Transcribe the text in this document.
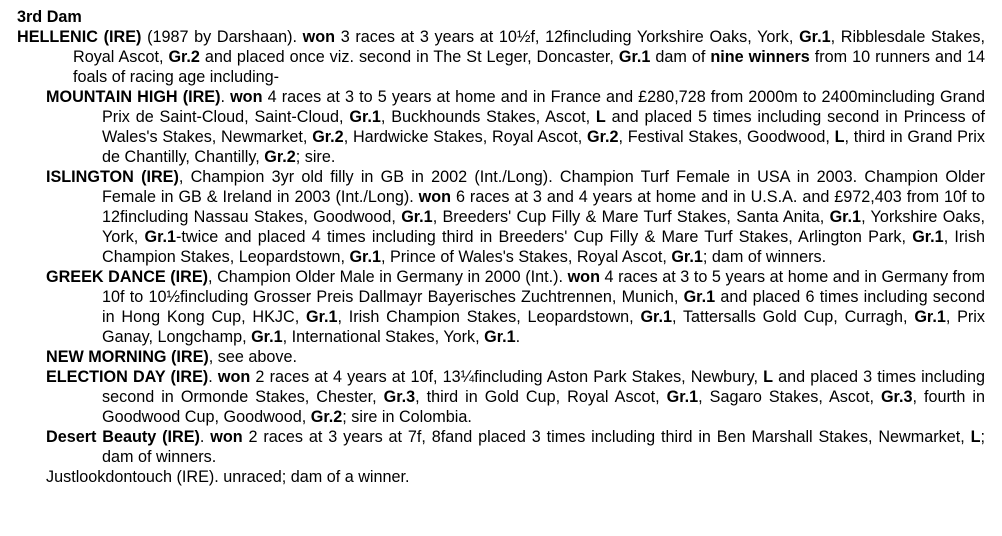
3rd Dam
HELLENIC (IRE) (1987 by Darshaan). won 3 races at 3 years at 10½f, 12fincluding Yorkshire Oaks, York, Gr.1, Ribblesdale Stakes, Royal Ascot, Gr.2 and placed once viz. second in The St Leger, Doncaster, Gr.1 dam of nine winners from 10 runners and 14 foals of racing age including-
MOUNTAIN HIGH (IRE). won 4 races at 3 to 5 years at home and in France and £280,728 from 2000m to 2400mincluding Grand Prix de Saint-Cloud, Saint-Cloud, Gr.1, Buckhounds Stakes, Ascot, L and placed 5 times including second in Princess of Wales's Stakes, Newmarket, Gr.2, Hardwicke Stakes, Royal Ascot, Gr.2, Festival Stakes, Goodwood, L, third in Grand Prix de Chantilly, Chantilly, Gr.2; sire.
ISLINGTON (IRE), Champion 3yr old filly in GB in 2002 (Int./Long). Champion Turf Female in USA in 2003. Champion Older Female in GB & Ireland in 2003 (Int./Long). won 6 races at 3 and 4 years at home and in U.S.A. and £972,403 from 10f to 12fincluding Nassau Stakes, Goodwood, Gr.1, Breeders' Cup Filly & Mare Turf Stakes, Santa Anita, Gr.1, Yorkshire Oaks, York, Gr.1-twice and placed 4 times including third in Breeders' Cup Filly & Mare Turf Stakes, Arlington Park, Gr.1, Irish Champion Stakes, Leopardstown, Gr.1, Prince of Wales's Stakes, Royal Ascot, Gr.1; dam of winners.
GREEK DANCE (IRE), Champion Older Male in Germany in 2000 (Int.). won 4 races at 3 to 5 years at home and in Germany from 10f to 10½fincluding Grosser Preis Dallmayr Bayerisches Zuchtrennen, Munich, Gr.1 and placed 6 times including second in Hong Kong Cup, HKJC, Gr.1, Irish Champion Stakes, Leopardstown, Gr.1, Tattersalls Gold Cup, Curragh, Gr.1, Prix Ganay, Longchamp, Gr.1, International Stakes, York, Gr.1.
NEW MORNING (IRE), see above.
ELECTION DAY (IRE). won 2 races at 4 years at 10f, 13¼fincluding Aston Park Stakes, Newbury, L and placed 3 times including second in Ormonde Stakes, Chester, Gr.3, third in Gold Cup, Royal Ascot, Gr.1, Sagaro Stakes, Ascot, Gr.3, fourth in Goodwood Cup, Goodwood, Gr.2; sire in Colombia.
Desert Beauty (IRE). won 2 races at 3 years at 7f, 8fand placed 3 times including third in Ben Marshall Stakes, Newmarket, L; dam of winners.
Justlookdontouch (IRE). unraced; dam of a winner.
